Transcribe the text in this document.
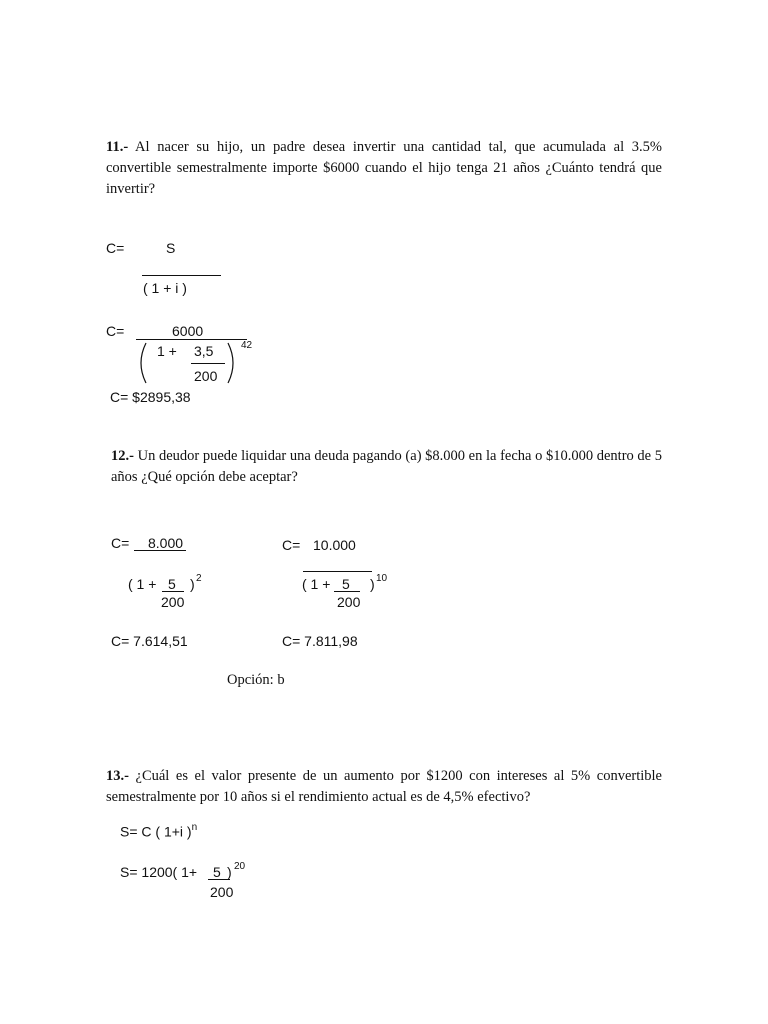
11.- Al nacer su hijo, un padre desea invertir una cantidad tal, que acumulada al 3.5% convertible semestralmente importe $6000 cuando el hijo tenga 21 años ¿Cuánto tendrá que invertir?
C=	S
( 1 + i )
C=	6000
1 + 3,5
200
42
C= $2895,38
12.- Un deudor puede liquidar una deuda pagando (a) $8.000 en la fecha o $10.000 dentro de 5 años ¿Qué opción debe aceptar?
C= 8.000
( 1 + 5 ) 2
200
C= 7.614,51
C= 10.000
( 1 + 5 ) 10
200
C= 7.811,98
Opción: b
13.- ¿Cuál es el valor presente de un aumento por $1200 con intereses al 5% convertible semestralmente por 10 años si el rendimiento actual es de 4,5% efectivo?
S= C ( 1+i )$^n$
S= 1200( 1+ 5 ) 20
200
